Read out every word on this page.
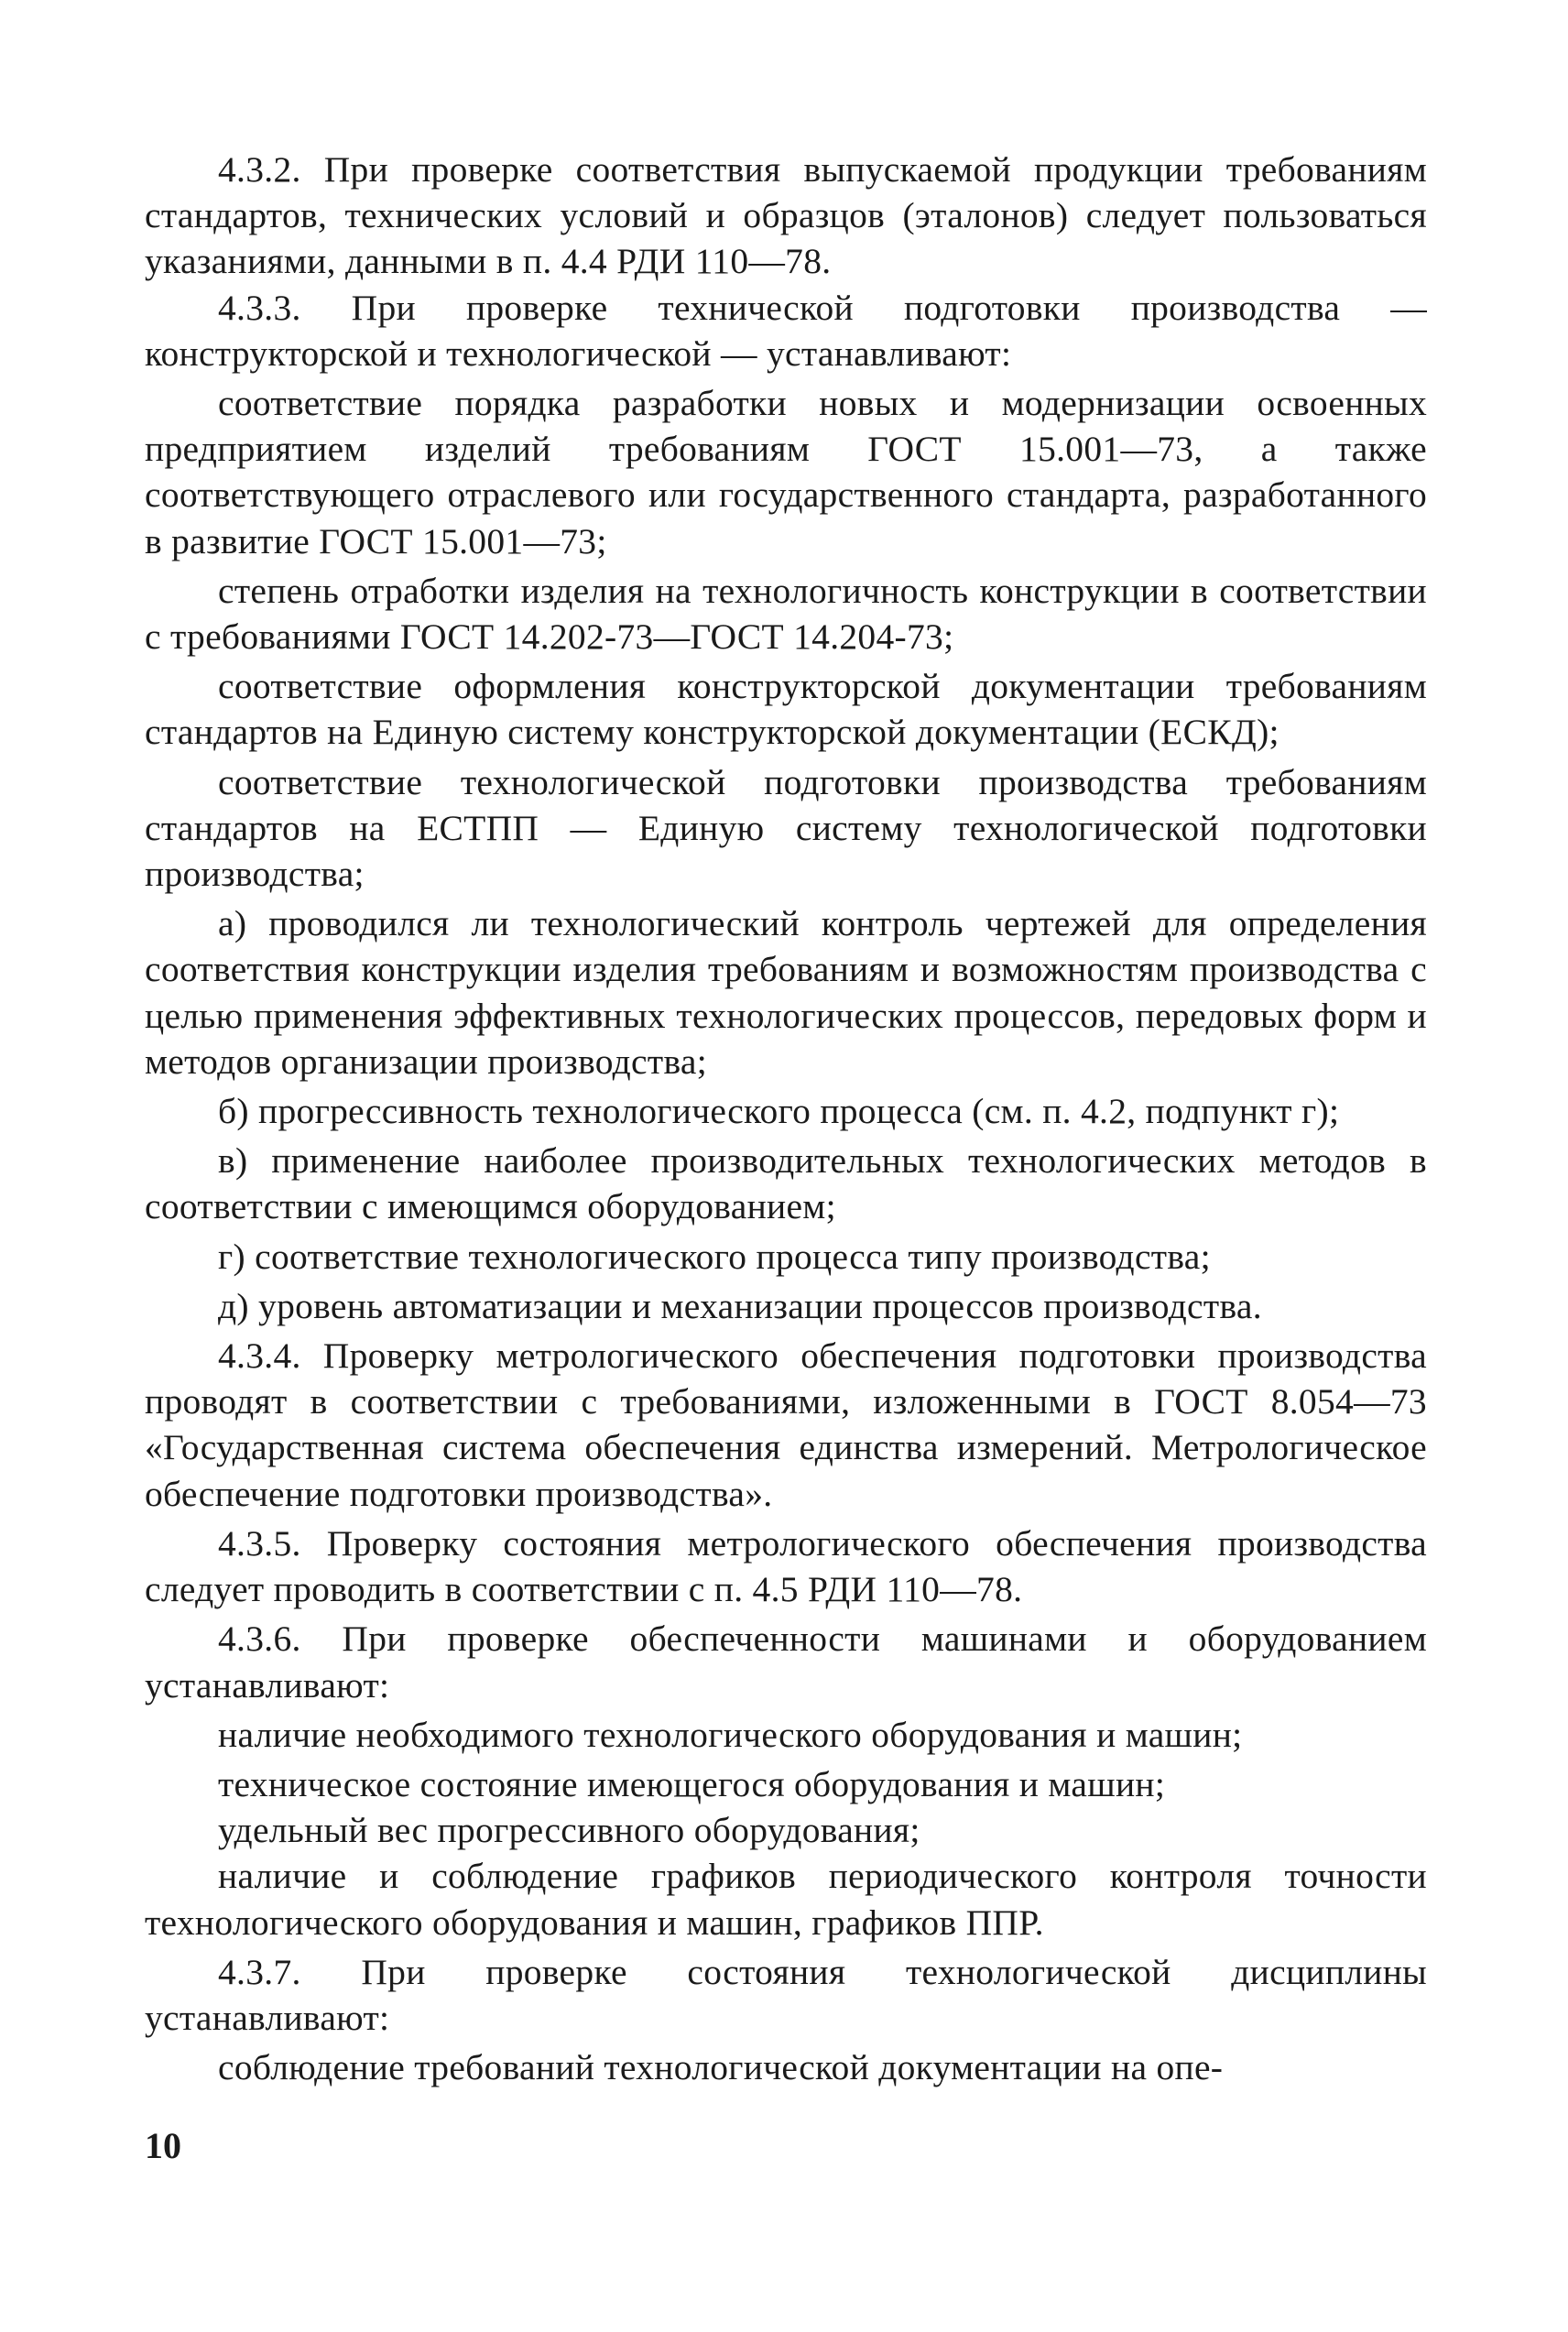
4.3.2. При проверке соответствия выпускаемой продукции требованиям стандартов, технических условий и образцов (эталонов) следует пользоваться указаниями, данными в п. 4.4 РДИ 110—78.

4.3.3. При проверке технической подготовки производства — конструкторской и технологической — устанавливают:

соответствие порядка разработки новых и модернизации освоенных предприятием изделий требованиям ГОСТ 15.001—73, а также соответствующего отраслевого или государственного стандарта, разработанного в развитие ГОСТ 15.001—73;

степень отработки изделия на технологичность конструкции в соответствии с требованиями ГОСТ 14.202-73—ГОСТ 14.204-73;

соответствие оформления конструкторской документации требованиям стандартов на Единую систему конструкторской документации (ЕСКД);

соответствие технологической подготовки производства требованиям стандартов на ЕСТПП — Единую систему технологической подготовки производства;

а) проводился ли технологический контроль чертежей для определения соответствия конструкции изделия требованиям и возможностям производства с целью применения эффективных технологических процессов, передовых форм и методов организации производства;

б) прогрессивность технологического процесса (см. п. 4.2, подпункт г);

в) применение наиболее производительных технологических методов в соответствии с имеющимся оборудованием;

г) соответствие технологического процесса типу производства;

д) уровень автоматизации и механизации процессов производства.

4.3.4. Проверку метрологического обеспечения подготовки производства проводят в соответствии с требованиями, изложенными в ГОСТ 8.054—73 «Государственная система обеспечения единства измерений. Метрологическое обеспечение подготовки производства».

4.3.5. Проверку состояния метрологического обеспечения производства следует проводить в соответствии с п. 4.5 РДИ 110—78.

4.3.6. При проверке обеспеченности машинами и оборудованием устанавливают:

наличие необходимого технологического оборудования и машин;

техническое состояние имеющегося оборудования и машин;

удельный вес прогрессивного оборудования;

наличие и соблюдение графиков периодического контроля точности технологического оборудования и машин, графиков ППР.

4.3.7. При проверке состояния технологической дисциплины устанавливают:

соблюдение требований технологической документации на опе-

10
